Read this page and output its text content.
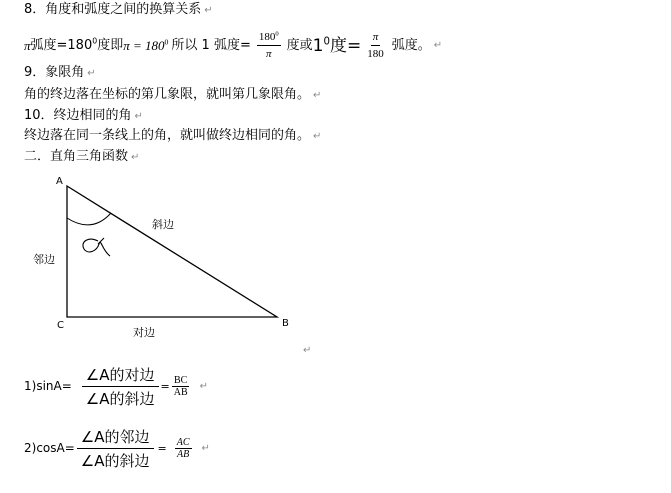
8．角度和弧度之间的换算关系 ↵
π 弧度$=180^0$ 度即 $\pi = 180^0$ 所以 1 弧度= $\frac{180^0}{\pi}$ 度或 $1^0$ 度= $\frac{\pi}{180}$ 弧度。 ↵
9．象限角 ↵
角的终边落在坐标的第几象限，就叫第几象限角。 ↵
10．终边相同的角 ↵
终边落在同一条线上的角，就叫做终边相同的角。 ↵
二．直角三角函数 ↵
A
C	B
斜边
邻边
对边
↵
$1)\sin A= \frac{\text{∠A的对边}}{\text{∠A的斜边}} = \frac{BC}{AB}$ ↵
$2)\cos A= \frac{\text{∠A的邻边}}{\text{∠A的斜边}} = \frac{AC}{AB}$ ↵
